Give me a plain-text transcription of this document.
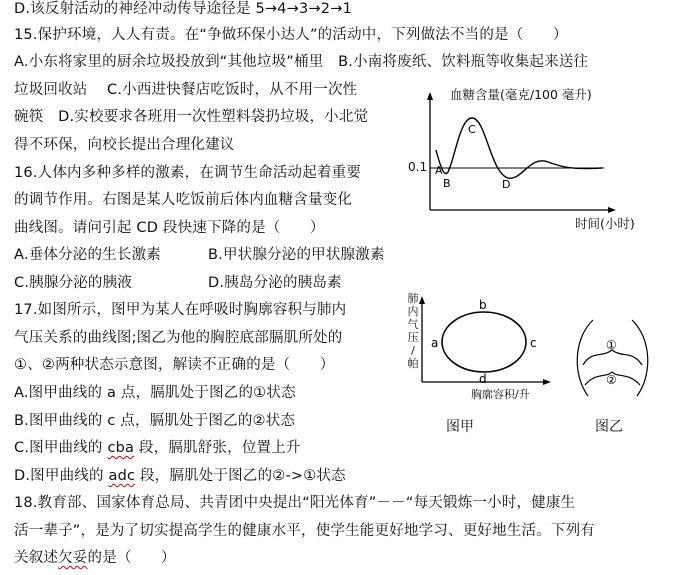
D.该反射活动的神经冲动传导途径是 5→4→3→2→1
15.保护环境，人人有责。在“争做环保小达人”的活动中，下列做法不当的是（　　）
A.小东将家里的厨余垃圾投放到“其他垃圾”桶里　B.小南将废纸、饮料瓶等收集起来送往
垃圾回收站　 C.小西进快餐店吃饭时，从不用一次性
碗筷　D.实校要求各班用一次性塑料袋扔垃圾，小北觉
得不环保，向校长提出合理化建议
16.人体内多种多样的激素，在调节生命活动起着重要
的调节作用。右图是某人吃饭前后体内血糖含量变化
曲线图。请问引起 CD 段快速下降的是（　　）
A.垂体分泌的生长激素	B.甲状腺分泌的甲状腺激素
C.胰腺分泌的胰液	D.胰岛分泌的胰岛素
17.如图所示，图甲为某人在呼吸时胸廓容积与肺内
气压关系的曲线图;图乙为他的胸腔底部膈肌所处的
①、②两种状态示意图，解读不正确的是（　　）
A.图甲曲线的 a 点，膈肌处于图乙的①状态
B.图甲曲线的 c 点，膈肌处于图乙的②状态
C.图甲曲线的 cba 段，膈肌舒张，位置上升
D.图甲曲线的 adc 段，膈肌处于图乙的②->①状态
18.教育部、国家体育总局、共青团中央提出“阳光体育”－－“每天锻炼一小时，健康生
活一辈子”，是为了切实提高学生的健康水平，使学生能更好地学习、更好地生活。下列有
关叙述欠妥的是（　　）
血糖含量(毫克/100 毫升)
0.1
时间(小时)
A
B
C
D
肺
内
气
压
/
帕
胸廓容积/升
图甲
b
a	c
d
图乙
①
②
